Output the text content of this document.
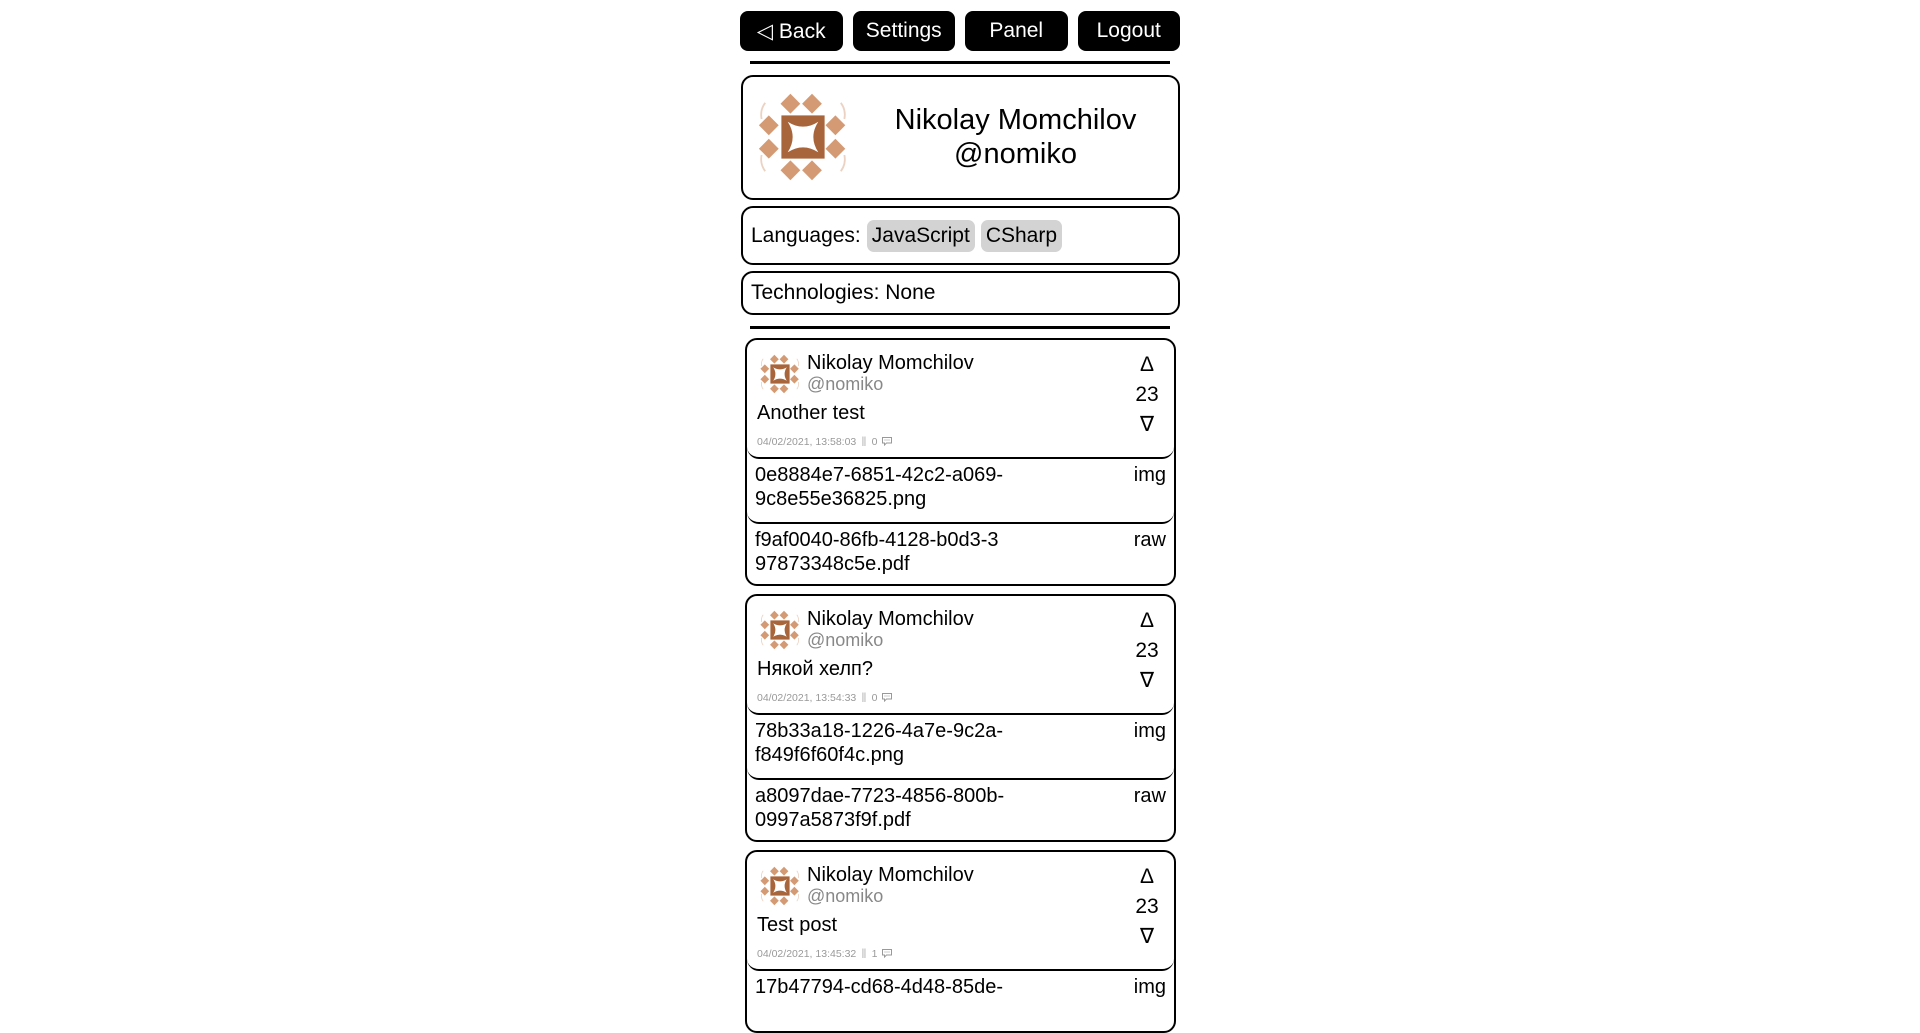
◁ Back	Settings	Panel	Logout
Nikolay Momchilov
@nomiko
Languages: JavaScript CSharp
Technologies: None
Nikolay Momchilov
@nomiko
Another test
04/02/2021, 13:58:03 ‖ 0
Δ
23
∇
0e8884e7-6851-42c2-a069-9c8e55e36825.png
img
f9af0040-86fb-4128-b0d3-397873348c5e.pdf
raw
Nikolay Momchilov
@nomiko
Някой хелп?
04/02/2021, 13:54:33 ‖ 0
Δ
23
∇
78b33a18-1226-4a7e-9c2a-f849f6f60f4c.png
img
a8097dae-7723-4856-800b-0997a5873f9f.pdf
raw
Nikolay Momchilov
@nomiko
Test post
04/02/2021, 13:45:32 ‖ 1
Δ
23
∇
17b47794-cd68-4d48-85de-	img
